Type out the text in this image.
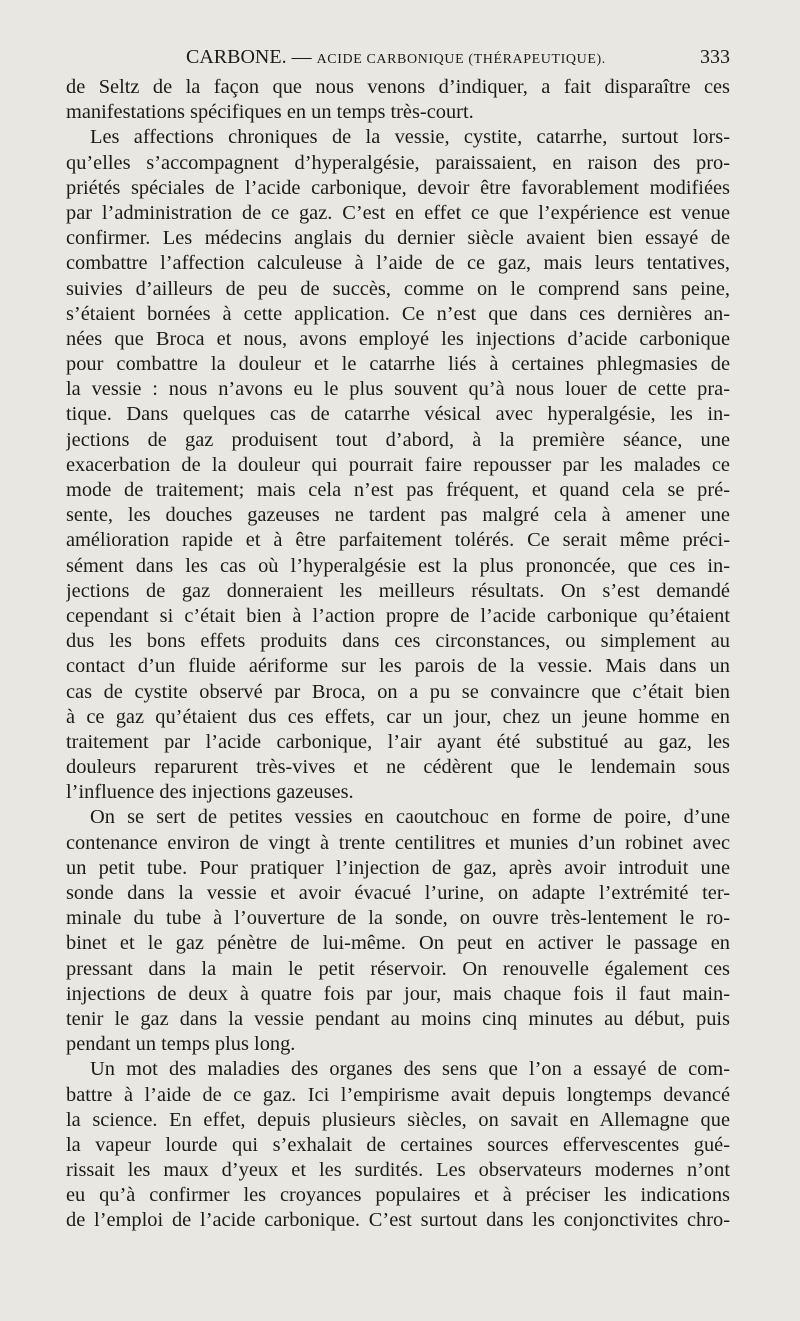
CARBONE. — ACIDE CARBONIQUE (THÉRAPEUTIQUE).	333
de Seltz de la façon que nous venons d’indiquer, a fait disparaître ces
manifestations spécifiques en un temps très-court.
Les affections chroniques de la vessie, cystite, catarrhe, surtout lors-
qu’elles s’accompagnent d’hyperalgésie, paraissaient, en raison des pro-
priétés spéciales de l’acide carbonique, devoir être favorablement modifiées
par l’administration de ce gaz. C’est en effet ce que l’expérience est venue
confirmer. Les médecins anglais du dernier siècle avaient bien essayé de
combattre l’affection calculeuse à l’aide de ce gaz, mais leurs tentatives,
suivies d’ailleurs de peu de succès, comme on le comprend sans peine,
s’étaient bornées à cette application. Ce n’est que dans ces dernières an-
nées que Broca et nous, avons employé les injections d’acide carbonique
pour combattre la douleur et le catarrhe liés à certaines phlegmasies de
la vessie : nous n’avons eu le plus souvent qu’à nous louer de cette pra-
tique. Dans quelques cas de catarrhe vésical avec hyperalgésie, les in-
jections de gaz produisent tout d’abord, à la première séance, une
exacerbation de la douleur qui pourrait faire repousser par les malades ce
mode de traitement; mais cela n’est pas fréquent, et quand cela se pré-
sente, les douches gazeuses ne tardent pas malgré cela à amener une
amélioration rapide et à être parfaitement tolérés. Ce serait même préci-
sément dans les cas où l’hyperalgésie est la plus prononcée, que ces in-
jections de gaz donneraient les meilleurs résultats. On s’est demandé
cependant si c’était bien à l’action propre de l’acide carbonique qu’étaient
dus les bons effets produits dans ces circonstances, ou simplement au
contact d’un fluide aériforme sur les parois de la vessie. Mais dans un
cas de cystite observé par Broca, on a pu se convaincre que c’était bien
à ce gaz qu’étaient dus ces effets, car un jour, chez un jeune homme en
traitement par l’acide carbonique, l’air ayant été substitué au gaz, les
douleurs reparurent très-vives et ne cédèrent que le lendemain sous
l’influence des injections gazeuses.
On se sert de petites vessies en caoutchouc en forme de poire, d’une
contenance environ de vingt à trente centilitres et munies d’un robinet avec
un petit tube. Pour pratiquer l’injection de gaz, après avoir introduit une
sonde dans la vessie et avoir évacué l’urine, on adapte l’extrémité ter-
minale du tube à l’ouverture de la sonde, on ouvre très-lentement le ro-
binet et le gaz pénètre de lui-même. On peut en activer le passage en
pressant dans la main le petit réservoir. On renouvelle également ces
injections de deux à quatre fois par jour, mais chaque fois il faut main-
tenir le gaz dans la vessie pendant au moins cinq minutes au début, puis
pendant un temps plus long.
Un mot des maladies des organes des sens que l’on a essayé de com-
battre à l’aide de ce gaz. Ici l’empirisme avait depuis longtemps devancé
la science. En effet, depuis plusieurs siècles, on savait en Allemagne que
la vapeur lourde qui s’exhalait de certaines sources effervescentes gué-
rissait les maux d’yeux et les surdités. Les observateurs modernes n’ont
eu qu’à confirmer les croyances populaires et à préciser les indications
de l’emploi de l’acide carbonique. C’est surtout dans les conjonctivites chro-
